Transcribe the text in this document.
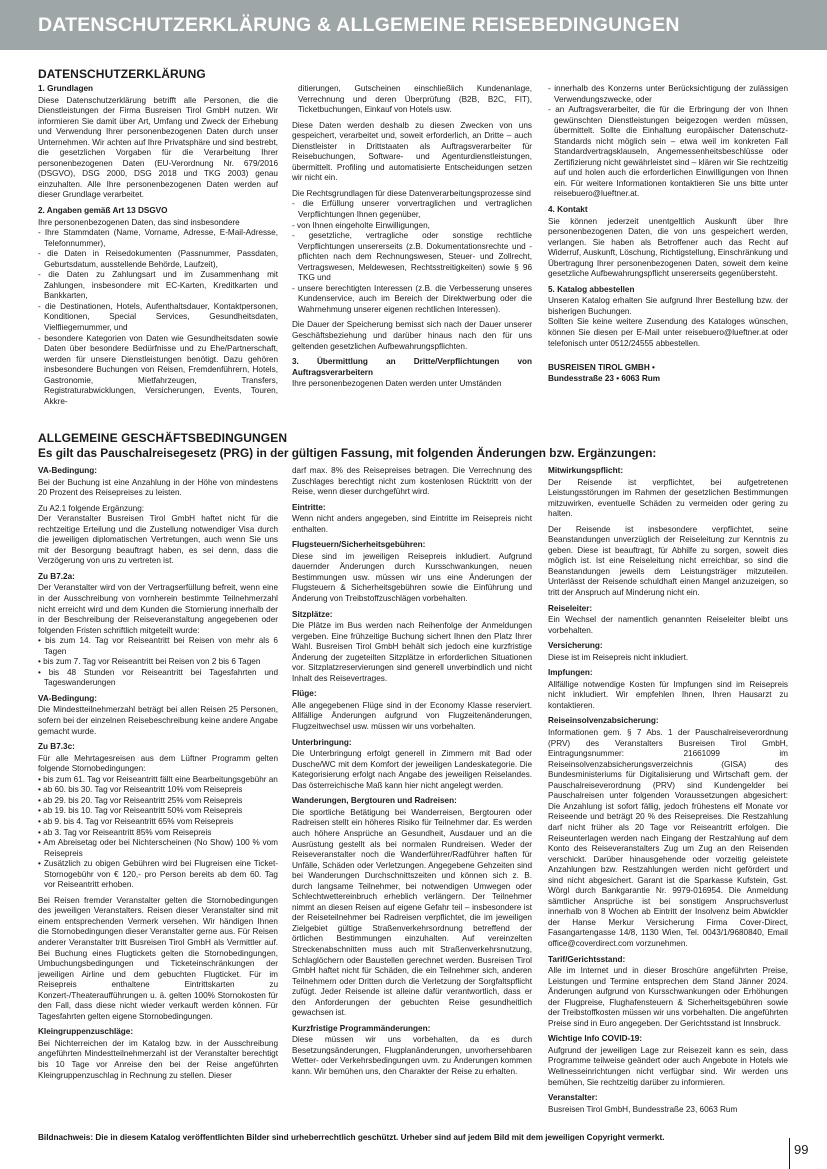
DATENSCHUTZERKLÄRUNG & ALLGEMEINE REISEBEDINGUNGEN
DATENSCHUTZERKLÄRUNG
1. Grundlagen

Diese Datenschutzerklärung betrifft alle Personen, die die Dienstleistungen der Firma Busreisen Tirol GmbH nutzen. Wir informieren Sie damit über Art, Umfang und Zweck der Erhebung und Verwendung Ihrer personenbezogenen Daten durch unser Unternehmen. Wir achten auf Ihre Privatsphäre und sind bestrebt, die gesetzlichen Vorgaben für die Verarbeitung Ihrer personenbezogenen Daten (EU-Verordnung Nr. 679/2016 (DSGVO), DSG 2000, DSG 2018 und TKG 2003) genau einzuhalten. Alle Ihre personenbezogenen Daten werden auf dieser Grundlage verarbeitet.

2. Angaben gemäß Art 13 DSGVO
Ihre personenbezogenen Daten, das sind insbesondere
- Ihre Stammdaten (Name, Vorname, Adresse, E-Mail-Adresse, Telefonnummer),
- die Daten in Reisedokumenten (Passnummer, Passdaten, Geburtsdatum, ausstellende Behörde, Laufzeit),
- die Daten zu Zahlungsart und im Zusammenhang mit Zahlungen, insbesondere mit EC-Karten, Kreditkarten und Bankkarten,
- die Destinationen, Hotels, Aufenthaltsdauer, Kontaktpersonen, Konditionen, Special Services, Gesundheitsdaten, Vielfliegernummer, und
- besondere Kategorien von Daten wie Gesundheitsdaten sowie Daten über besondere Bedürfnisse und zu Ehe/Partnerschaft, werden für unsere Dienstleistungen benötigt. Dazu gehören insbesondere Buchungen von Reisen, Fremdenführern, Hotels, Gastronomie, Mietfahrzeugen, Transfers, Registraturabwicklungen, Versicherungen, Events, Touren, Akkre-

ditierungen, Gutscheinen einschließlich Kundenanlage, Verrechnung und deren Überprüfung (B2B, B2C, FIT), Ticketbuchungen, Einkauf von Hotels usw.

Diese Daten werden deshalb zu diesen Zwecken von uns gespeichert, verarbeitet und, soweit erforderlich, an Dritte – auch Dienstleister in Drittstaaten als Auftragsverarbeiter für Reisebuchungen, Software- und Agenturdienstleistungen, übermittelt. Profiling und automatisierte Entscheidungen setzen wir nicht ein.

Die Rechtsgrundlagen für diese Datenverarbeitungsprozesse sind
- die Erfüllung unserer vorvertraglichen und vertraglichen Verpflichtungen Ihnen gegenüber,
- von Ihnen eingeholte Einwilligungen,
- gesetzliche, vertragliche oder sonstige rechtliche Verpflichtungen unsererseits (z.B. Dokumentationsrechte und -pflichten nach dem Rechnungswesen, Steuer- und Zollrecht, Vertragswesen, Meldewesen, Rechtsstreitigkeiten) sowie § 96 TKG und
- unsere berechtigten Interessen (z.B. die Verbesserung unseres Kundenservice, auch im Bereich der Direktwerbung oder die Wahrnehmung unserer eigenen rechtlichen Interessen).

Die Dauer der Speicherung bemisst sich nach der Dauer unserer Geschäftsbeziehung und darüber hinaus nach den für uns geltenden gesetzlichen Aufbewahrungspflichten.

3. Übermittlung an Dritte/Verpflichtungen von Auftragsverarbeitern
Ihre personenbezogenen Daten werden unter Umständen
- innerhalb des Konzerns unter Berücksichtigung der zulässigen Verwendungszwecke, oder
- an Auftragsverarbeiter, die für die Erbringung der von Ihnen gewünschten Dienstleistungen beigezogen werden müssen, übermittelt. Sollte die Einhaltung europäischer Datenschutz-Standards nicht möglich sein – etwa weil im konkreten Fall Standardvertragsklauseln, Angemessenheitsbeschlüsse oder Zertifizierung nicht gewährleistet sind – klären wir Sie rechtzeitig auf und holen auch die erforderlichen Einwilligungen von Ihnen ein. Für weitere Informationen kontaktieren Sie uns bitte unter reisebuero@lueftner.at.
4. Kontakt

Sie können jederzeit unentgeltlich Auskunft über Ihre personenbezogenen Daten, die von uns gespeichert werden, verlangen. Sie haben als Betroffener auch das Recht auf Widerruf, Auskunft, Löschung, Richtigstellung, Einschränkung und Übertragung Ihrer personenbezogenen Daten, soweit dem keine gesetzliche Aufbewahrungspflicht unsererseits gegenübersteht.

5. Katalog abbestellen
Unseren Katalog erhalten Sie aufgrund Ihrer Bestellung bzw. der bisherigen Buchungen.

Sollten Sie keine weitere Zusendung des Kataloges wünschen, können Sie diesen per E-Mail unter reisebuero@lueftner.at oder telefonisch unter 0512/24555 abbestellen.

BUSREISEN TIROL GMBH •
Bundesstraße 23 • 6063 Rum
ALLGEMEINE GESCHÄFTSBEDINGUNGEN
Es gilt das Pauschalreisegesetz (PRG) in der gültigen Fassung, mit folgenden Änderungen bzw. Ergänzungen:
VA-Bedingung:

Bei der Buchung ist eine Anzahlung in der Höhe von mindestens 20 Prozent des Reisepreises zu leisten.

Zu A2.1 folgende Ergänzung:

Der Veranstalter Busreisen Tirol GmbH haftet nicht für die rechtzeitige Erteilung und die Zustellung notwendiger Visa durch die jeweiligen diplomatischen Vertretungen, auch wenn Sie uns mit der Besorgung beauftragt haben, es sei denn, dass die Verzögerung von uns zu vertreten ist.

Zu B7.2a:
Der Veranstalter wird von der Vertragserfüllung befreit, wenn eine in der Ausschreibung von vornherein bestimmte Teilnehmerzahl nicht erreicht wird und dem Kunden die Stornierung innerhalb der in der Beschreibung der Reiseveranstaltung angegebenen oder folgenden Fristen schriftlich mitgeteilt wurde:
• bis zum 14. Tag vor Reiseantritt bei Reisen von mehr als 6 Tagen
• bis zum 7. Tag vor Reiseantritt bei Reisen von 2 bis 6 Tagen
• bis 48 Stunden vor Reiseantritt bei Tagesfahrten und Tageswanderungen
VA-Bedingung:

Die Mindestteilnehmerzahl beträgt bei allen Reisen 25 Personen, sofern bei der einzelnen Reisebeschreibung keine andere Angabe gemacht wurde.

Zu B7.3c:
Für alle Mehrtagesreisen aus dem Lüftner Programm gelten folgende Stornobedingungen:
• bis zum 61. Tag vor Reiseantritt fällt eine Bearbeitungsgebühr an
• ab 60. bis 30. Tag vor Reiseantritt 10% vom Reisepreis
• ab 29. bis 20. Tag vor Reiseantritt 25% vom Reisepreis
• ab 19. bis 10. Tag vor Reiseantritt 50% vom Reisepreis
• ab 9. bis 4. Tag vor Reiseantritt 65% vom Reisepreis
• ab 3. Tag vor Reiseantritt 85% vom Reisepreis
• Am Abreisetag oder bei Nichterscheinen (No Show) 100 % vom Reisepreis
• Zusätzlich zu obigen Gebühren wird bei Flugreisen eine Ticket-Stornogebühr von € 120,- pro Person bereits ab dem 60. Tag vor Reiseantritt erhoben.

Bei Reisen fremder Veranstalter gelten die Stornobedingungen des jeweiligen Veranstalters. Reisen dieser Veranstalter sind mit einem entsprechenden Vermerk versehen. Wir händigen Ihnen die Stornobedingungen dieser Veranstalter gerne aus. Für Reisen anderer Veranstalter tritt Busreisen Tirol GmbH als Vermittler auf. Bei Buchung eines Flugtickets gelten die Stornobedingungen, Umbuchungsbedingungen und Ticketeinschränkungen der jeweiligen Airline und dem gebuchten Flugticket. Für im Reisepreis enthaltene Eintrittskarten zu Konzert-/Theateraufführungen u. ä. gelten 100% Stornokosten für den Fall, dass diese nicht wieder verkauft werden können. Für Tagesfahrten gelten eigene Stornobedingungen.

Kleingruppenzuschläge:
Bei Nichterreichen der im Katalog bzw. in der Ausschreibung angeführten Mindestteilnehmerzahl ist der Veranstalter berechtigt bis 10 Tage vor Anreise den bei der Reise angeführten Kleingruppenzuschlag in Rechnung zu stellen. Dieser

darf max. 8% des Reisepreises betragen. Die Verrechnung des Zuschlages berechtigt nicht zum kostenlosen Rücktritt von der Reise, wenn dieser durchgeführt wird.

Eintritte:

Wenn nicht anders angegeben, sind Eintritte im Reisepreis nicht enthalten.

Flugsteuern/Sicherheitsgebühren:

Diese sind im jeweiligen Reisepreis inkludiert. Aufgrund dauernder Änderungen durch Kursschwankungen, neuen Bestimmungen usw. müssen wir uns eine Änderungen der Flugsteuern & Sicherheitsgebühren sowie die Einführung und Änderung von Treibstoffzuschlägen vorbehalten.

Sitzplätze:

Die Plätze im Bus werden nach Reihenfolge der Anmeldungen vergeben. Eine frühzeitige Buchung sichert Ihnen den Platz Ihrer Wahl. Busreisen Tirol GmbH behält sich jedoch eine kurzfristige Änderung der zugeteilten Sitzplätze in erforderlichen Situationen vor. Sitzplatzreservierungen sind generell unverbindlich und nicht Inhalt des Reisevertrages.

Flüge:

Alle angegebenen Flüge sind in der Economy Klasse reserviert. Allfällige Änderungen aufgrund von Flugzeitenänderungen, Flugzeitwechsel usw. müssen wir uns vorbehalten.

Unterbringung:

Die Unterbringung erfolgt generell in Zimmern mit Bad oder Dusche/WC mit dem Komfort der jeweiligen Landeskategorie. Die Kategorisierung erfolgt nach Angabe des jeweiligen Reiselandes. Das österreichische Maß kann hier nicht angelegt werden.

Wanderungen, Bergtouren und Radreisen:

Die sportliche Betätigung bei Wanderreisen, Bergtouren oder Radreisen stellt ein höheres Risiko für Teilnehmer dar. Es werden auch höhere Ansprüche an Gesundheit, Ausdauer und an die Ausrüstung gestellt als bei normalen Rundreisen. Weder der Reiseveranstalter noch die Wanderführer/Radführer haften für Unfälle, Schäden oder Verletzungen. Angegebene Gehzeiten sind bei Wanderungen Durchschnittszeiten und können sich z. B. durch langsame Teilnehmer, bei notwendigen Umwegen oder Schlechtwettereinbruch erheblich verlängern. Der Teilnehmer nimmt an diesen Reisen auf eigene Gefahr teil – insbesondere ist der Reiseteilnehmer bei Radreisen verpflichtet, die im jeweiligen Zielgebiet gültige Straßenverkehrsordnung betreffend der örtlichen Bestimmungen einzuhalten. Auf vereinzelten Streckenabschnitten muss auch mit Straßenverkehrsnutzung, Schlaglöchern oder Baustellen gerechnet werden. Busreisen Tirol GmbH haftet nicht für Schäden, die ein Teilnehmer sich, anderen Teilnehmern oder Dritten durch die Verletzung der Sorgfaltspflicht zufügt. Jeder Reisende ist alleine dafür verantwortlich, dass er den Anforderungen der gebuchten Reise gesundheitlich gewachsen ist.

Kurzfristige Programmänderungen:

Diese müssen wir uns vorbehalten, da es durch Besetzungsänderungen, Flugplanänderungen, unvorhersehbaren Wetter- oder Verkehrsbedingungen uvm. zu Änderungen kommen kann. Wir bemühen uns, den Charakter der Reise zu erhalten.

Mitwirkungspflicht:

Der Reisende ist verpflichtet, bei aufgetretenen Leistungsstörungen im Rahmen der gesetzlichen Bestimmungen mitzuwirken, eventuelle Schäden zu vermeiden oder gering zu halten.

Der Reisende ist insbesondere verpflichtet, seine Beanstandungen unverzüglich der Reiseleitung zur Kenntnis zu geben. Diese ist beauftragt, für Abhilfe zu sorgen, soweit dies möglich ist. Ist eine Reiseleitung nicht erreichbar, so sind die Beanstandungen jeweils dem Leistungsträger mitzuteilen. Unterlässt der Reisende schuldhaft einen Mangel anzuzeigen, so tritt der Anspruch auf Minderung nicht ein.

Reiseleiter:

Ein Wechsel der namentlich genannten Reiseleiter bleibt uns vorbehalten.

Versicherung:

Diese ist im Reisepreis nicht inkludiert.

Impfungen:

Allfällige notwendige Kosten für Impfungen sind im Reisepreis nicht inkludiert. Wir empfehlen Ihnen, Ihren Hausarzt zu kontaktieren.

Reiseinsolvenzabsicherung:

Informationen gem. § 7 Abs. 1 der Pauschalreiseverordnung (PRV) des Veranstalters Busreisen Tirol GmbH, Eintragungsnummer: 21661099 im Reiseinsolvenzabsicherungsverzeichnis (GISA) des Bundesministeriums für Digitalisierung und Wirtschaft gem. der Pauschalreiseverordnung (PRV) sind Kundengelder bei Pauschalreisen unter folgenden Voraussetzungen abgesichert: Die Anzahlung ist sofort fällig, jedoch frühestens elf Monate vor Reiseende und beträgt 20 % des Reisepreises. Die Restzahlung darf nicht früher als 20 Tage vor Reiseantritt erfolgen. Die Reiseunterlagen werden nach Eingang der Restzahlung auf dem Konto des Reiseveranstalters Zug um Zug an den Reisenden verschickt. Darüber hinausgehende oder vorzeitig geleistete Anzahlungen bzw. Restzahlungen werden nicht gefördert und sind nicht abgesichert. Garant ist die Sparkasse Kufstein, Gst. Wörgl durch Bankgarantie Nr. 9979-016954. Die Anmeldung sämtlicher Ansprüche ist bei sonstigem Anspruchsverlust innerhalb von 8 Wochen ab Eintritt der Insolvenz beim Abwickler der Hanse Merkur Versicherung Firma Cover-Direct, Fasangartengasse 14/8, 1130 Wien, Tel. 0043/1/9680840, Email office@coverdirect.com vorzunehmen.

Tarif/Gerichtsstand:

Alle im Internet und in dieser Broschüre angeführten Preise, Leistungen und Termine entsprechen dem Stand Jänner 2024. Änderungen aufgrund von Kursschwankungen oder Erhöhungen der Flugpreise, Flughafensteuern & Sicherheitsgebühren sowie der Treibstoffkosten müssen wir uns vorbehalten. Die angeführten Preise sind in Euro angegeben. Der Gerichtsstand ist Innsbruck.

Wichtige Info COVID-19:

Aufgrund der jeweiligen Lage zur Reisezeit kann es sein, dass Programme teilweise geändert oder auch Angebote in Hotels wie Wellnesseinrichtungen nicht verfügbar sind. Wir werden uns bemühen, Sie rechtzeitig darüber zu informieren.

Veranstalter:
Busreisen Tirol GmbH, Bundesstraße 23, 6063 Rum
Bildnachweis: Die in diesem Katalog veröffentlichten Bilder sind urheberrechtlich geschützt. Urheber sind auf jedem Bild mit dem jeweiligen Copyright vermerkt.
99
